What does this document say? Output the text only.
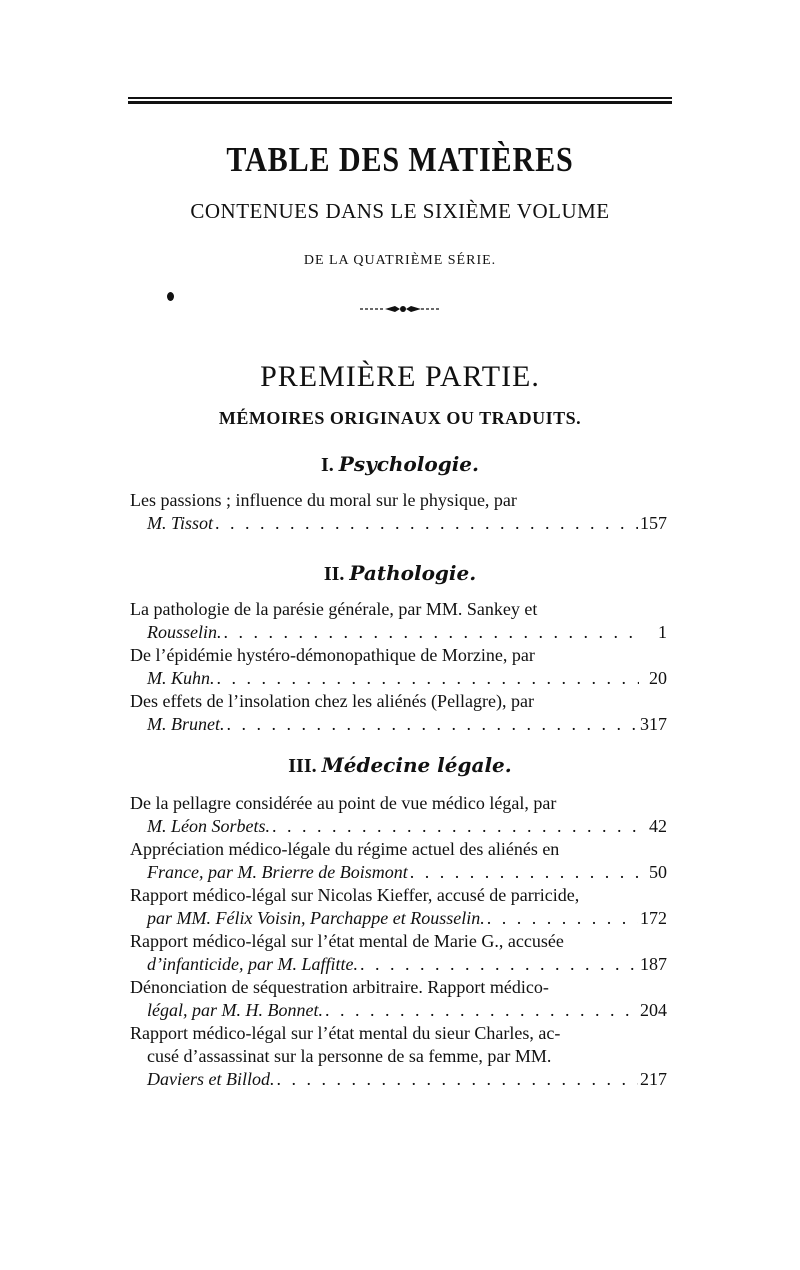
TABLE DES MATIÈRES
CONTENUES DANS LE SIXIÈME VOLUME
DE LA QUATRIÈME SÉRIE.
PREMIÈRE PARTIE.
MÉMOIRES ORIGINAUX OU TRADUITS.
I. Psychologie.
Les passions ; influence du moral sur le physique, par
M. Tissot . . .	157
II. Pathologie.
La pathologie de la parésie générale, par MM. Sankey et
Rousselin. . . .	1
De l’épidémie hystéro-démonopathique de Morzine, par
M. Kuhn. . . .	20
Des effets de l’insolation chez les aliénés (Pellagre), par
M. Brunet. . . .	317
III. Médecine légale.
De la pellagre considérée au point de vue médico légal, par
M. Léon Sorbets. . . .	42
Appréciation médico-légale du régime actuel des aliénés en
France, par M. Brierre de Boismont . . .	50
Rapport médico-légal sur Nicolas Kieffer, accusé de parricide,
par MM. Félix Voisin, Parchappe et Rousselin. . . .	172
Rapport médico-légal sur l’état mental de Marie G., accusée
d’infanticide, par M. Laffitte. . . .	187
Dénonciation de séquestration arbitraire. Rapport médico-
légal, par M. H. Bonnet. . . .	204
Rapport médico-légal sur l’état mental du sieur Charles, ac-
cusé d’assassinat sur la personne de sa femme, par MM.
Daviers et Billod. . . .	217
